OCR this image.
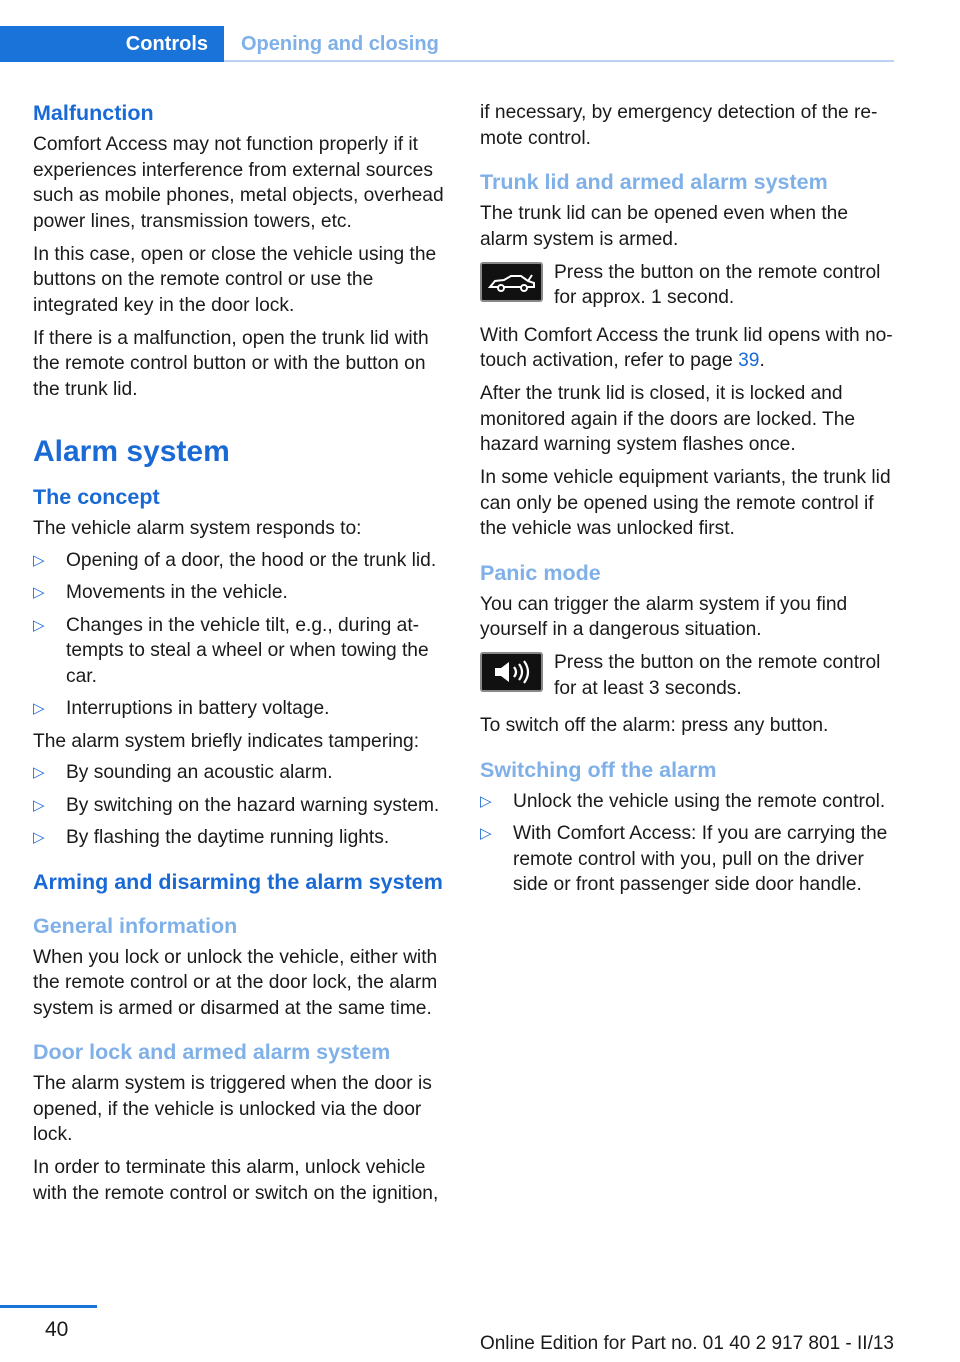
Controls	Opening and closing
Malfunction

Comfort Access may not function properly if it experiences interference from external sources such as mobile phones, metal objects, overhead power lines, transmission towers, etc.

In this case, open or close the vehicle using the buttons on the remote control or use the integrated key in the door lock.

If there is a malfunction, open the trunk lid with the remote control button or with the button on the trunk lid.

Alarm system
The concept

The vehicle alarm system responds to:

▷ Opening of a door, the hood or the trunk lid.
▷ Movements in the vehicle.
▷ Changes in the vehicle tilt, e.g., during at‐tempts to steal a wheel or when towing the car.
▷ Interruptions in battery voltage.

The alarm system briefly indicates tampering:

▷ By sounding an acoustic alarm.
▷ By switching on the hazard warning system.
▷ By flashing the daytime running lights.
Arming and disarming the alarm system
General information

When you lock or unlock the vehicle, either with the remote control or at the door lock, the alarm system is armed or disarmed at the same time.

Door lock and armed alarm system

The alarm system is triggered when the door is opened, if the vehicle is unlocked via the door lock.

In order to terminate this alarm, unlock vehicle with the remote control or switch on the ignition,

if necessary, by emergency detection of the re‐mote control.

Trunk lid and armed alarm system

The trunk lid can be opened even when the alarm system is armed.

Press the button on the remote control for approx. 1 second.

With Comfort Access the trunk lid opens with no-touch activation, refer to page 39.

After the trunk lid is closed, it is locked and monitored again if the doors are locked. The hazard warning system flashes once.

In some vehicle equipment variants, the trunk lid can only be opened using the remote control if the vehicle was unlocked first.

Panic mode

You can trigger the alarm system if you find yourself in a dangerous situation.

Press the button on the remote control for at least 3 seconds.

To switch off the alarm: press any button.

Switching off the alarm
▷ Unlock the vehicle using the remote control.
▷ With Comfort Access: If you are carrying the remote control with you, pull on the driver side or front passenger side door handle.
40
Online Edition for Part no. 01 40 2 917 801 - II/13
